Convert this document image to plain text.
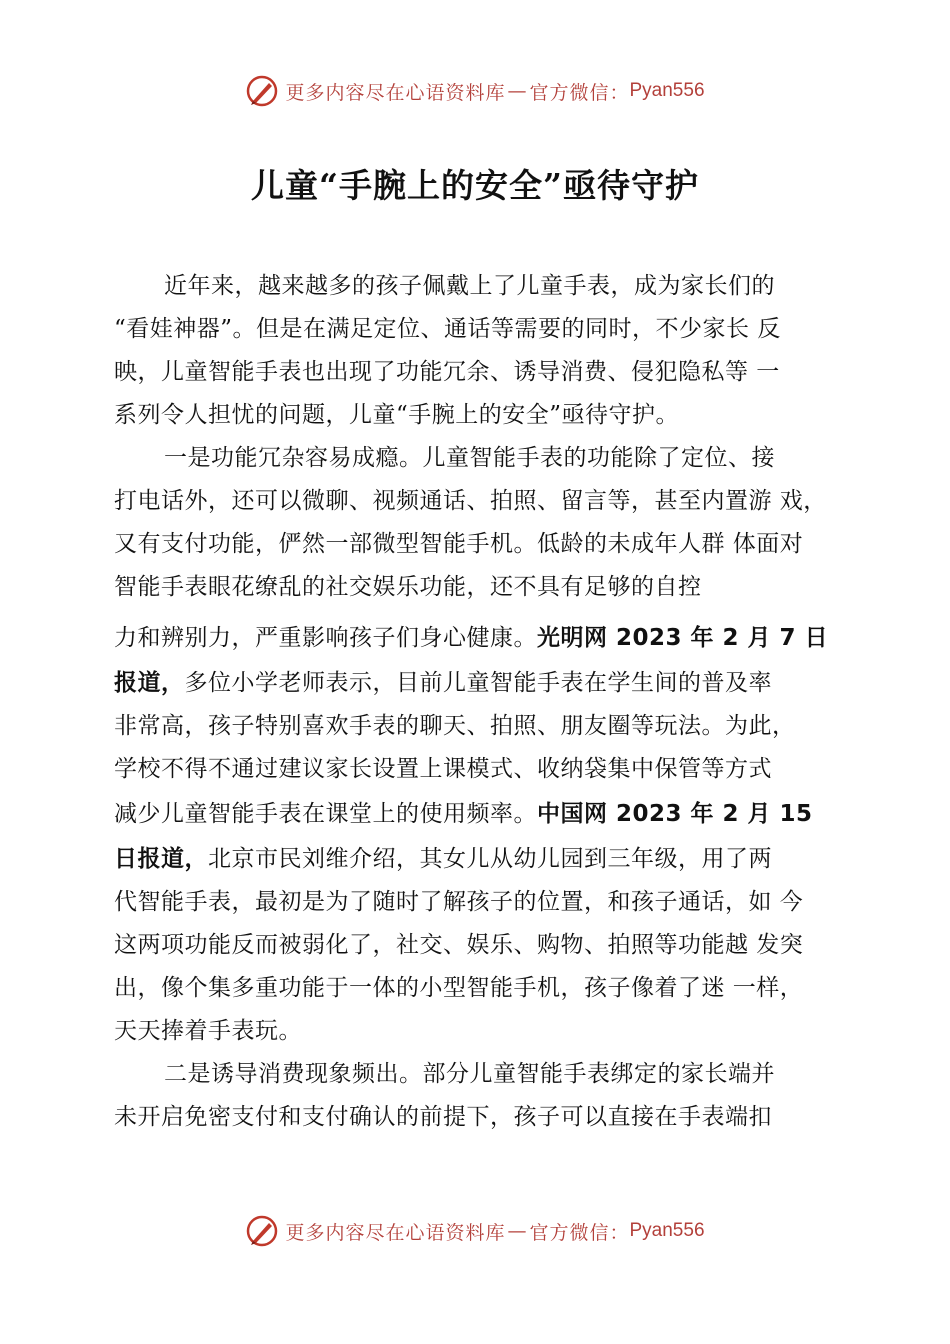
更多内容尽在心语资料库 — 官方微信： Pyan556
儿童“手腕上的安全”亟待守护
近年来，越来越多的孩子佩戴上了儿童手表，成为家长们的
“看娃神器”。但是在满足定位、通话等需要的同时，不少家长 反
映，儿童智能手表也出现了功能冗余、诱导消费、侵犯隐私等 一
系列令人担忧的问题，儿童“手腕上的安全”亟待守护。
一是功能冗杂容易成瘾。儿童智能手表的功能除了定位、接
打电话外，还可以微聊、视频通话、拍照、留言等，甚至内置游 戏，
又有支付功能，俨然一部微型智能手机。低龄的未成年人群 体面对
智能手表眼花缭乱的社交娱乐功能，还不具有足够的自控
力和辨别力，严重影响孩子们身心健康。光明网 2023 年 2 月 7 日
报道，多位小学老师表示，目前儿童智能手表在学生间的普及率
非常高，孩子特别喜欢手表的聊天、拍照、朋友圈等玩法。为此，
学校不得不通过建议家长设置上课模式、收纳袋集中保管等方式
减少儿童智能手表在课堂上的使用频率。中国网 2023 年 2 月 15
日报道，北京市民刘维介绍，其女儿从幼儿园到三年级，用了两
代智能手表，最初是为了随时了解孩子的位置，和孩子通话，如 今
这两项功能反而被弱化了，社交、娱乐、购物、拍照等功能越 发突
出，像个集多重功能于一体的小型智能手机，孩子像着了迷 一样，
天天捧着手表玩。
二是诱导消费现象频出。部分儿童智能手表绑定的家长端并
未开启免密支付和支付确认的前提下，孩子可以直接在手表端扣
更多内容尽在心语资料库 — 官方微信： Pyan556
